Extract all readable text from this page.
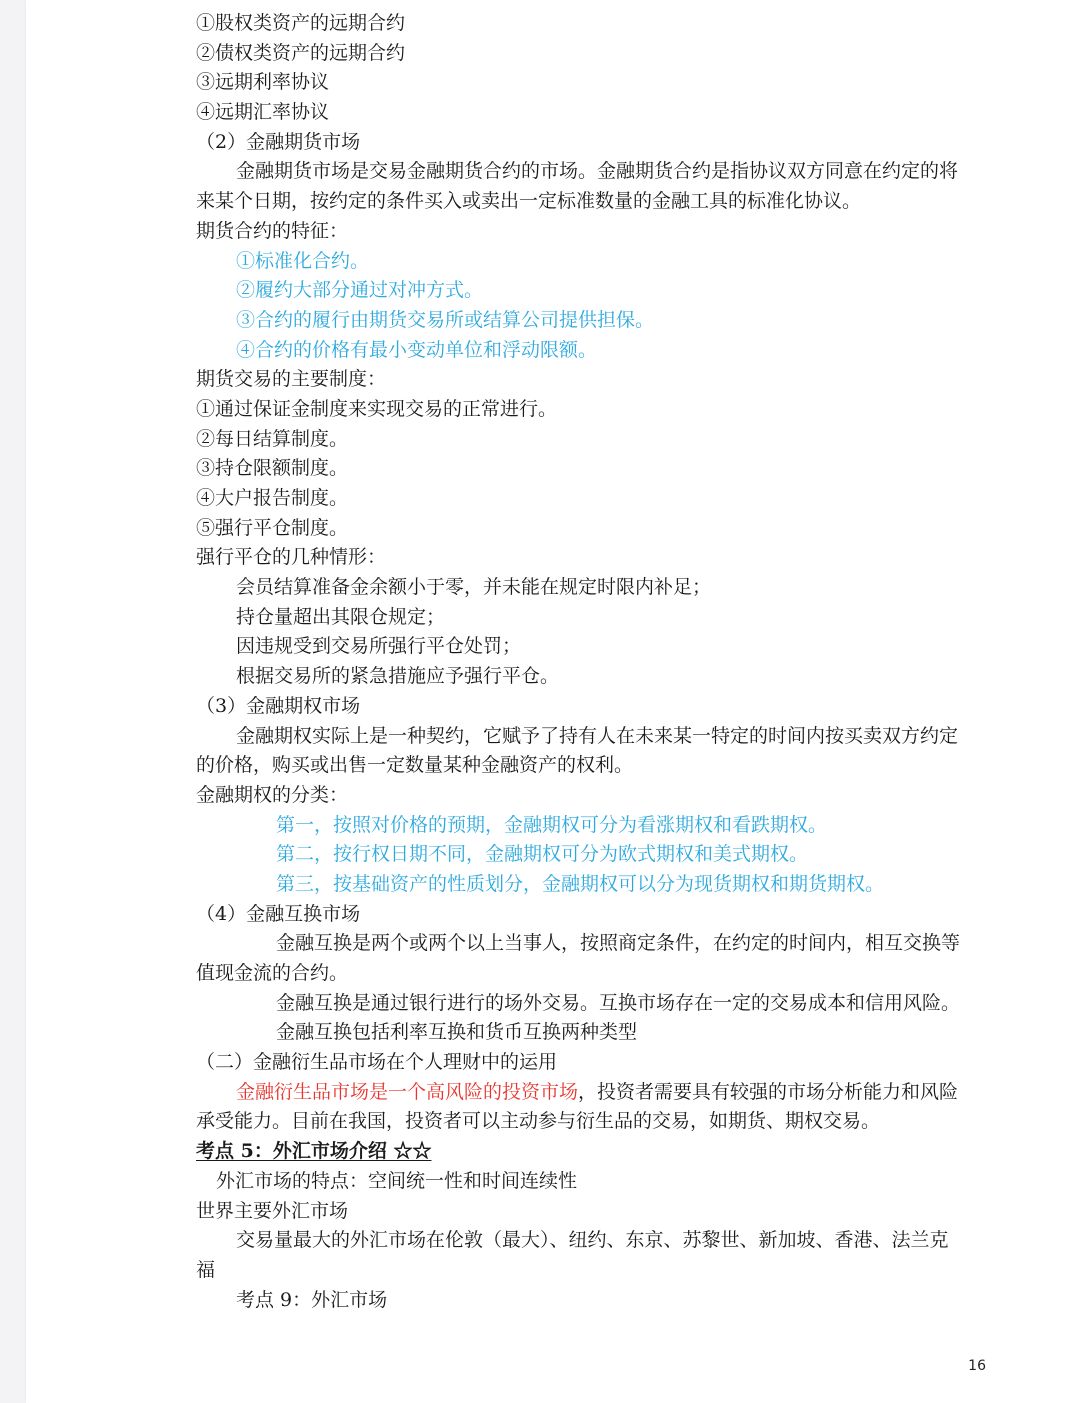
①股权类资产的远期合约
②债权类资产的远期合约
③远期利率协议
④远期汇率协议
（2）金融期货市场
金融期货市场是交易金融期货合约的市场。金融期货合约是指协议双方同意在约定的将
来某个日期，按约定的条件买入或卖出一定标准数量的金融工具的标准化协议。
期货合约的特征：
①标准化合约。
②履约大部分通过对冲方式。
③合约的履行由期货交易所或结算公司提供担保。
④合约的价格有最小变动单位和浮动限额。
期货交易的主要制度：
①通过保证金制度来实现交易的正常进行。
②每日结算制度。
③持仓限额制度。
④大户报告制度。
⑤强行平仓制度。
强行平仓的几种情形：
会员结算准备金余额小于零，并未能在规定时限内补足；
持仓量超出其限仓规定；
因违规受到交易所强行平仓处罚；
根据交易所的紧急措施应予强行平仓。
（3）金融期权市场
金融期权实际上是一种契约，它赋予了持有人在未来某一特定的时间内按买卖双方约定
的价格，购买或出售一定数量某种金融资产的权利。
金融期权的分类：
第一，按照对价格的预期，金融期权可分为看涨期权和看跌期权。
第二，按行权日期不同，金融期权可分为欧式期权和美式期权。
第三，按基础资产的性质划分，金融期权可以分为现货期权和期货期权。
（4）金融互换市场
金融互换是两个或两个以上当事人，按照商定条件，在约定的时间内，相互交换等
值现金流的合约。
金融互换是通过银行进行的场外交易。互换市场存在一定的交易成本和信用风险。
金融互换包括利率互换和货币互换两种类型
（二）金融衍生品市场在个人理财中的运用
金融衍生品市场是一个高风险的投资市场，投资者需要具有较强的市场分析能力和风险
承受能力。目前在我国，投资者可以主动参与衍生品的交易，如期货、期权交易。
考点 5：外汇市场介绍 ☆☆
外汇市场的特点：空间统一性和时间连续性
世界主要外汇市场
交易量最大的外汇市场在伦敦（最大）、纽约、东京、苏黎世、新加坡、香港、法兰克
福
考点 9：外汇市场
16
